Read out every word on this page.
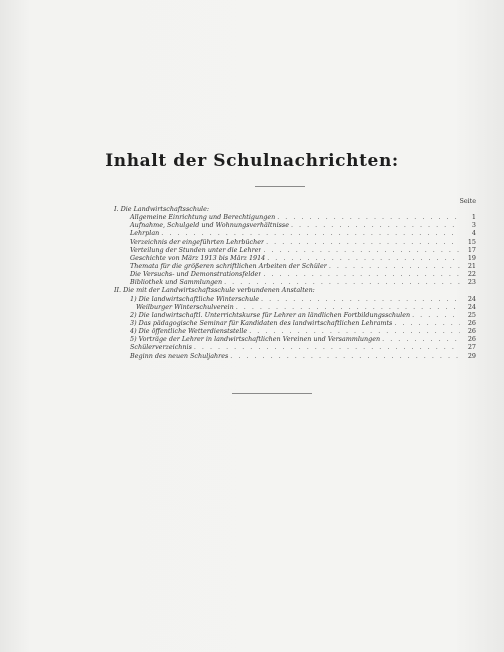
Inhalt der Schulnachrichten:
Seite
I. Die Landwirtschaftsschule:
Allgemeine Einrichtung und Berechtigungen . . .	1
Aufnahme, Schulgeld und Wohnungsverhältnisse . . .	3
Lehrplan . . .	4
Verzeichnis der eingeführten Lehrbücher . . .	15
Verteilung der Stunden unter die Lehrer . . .	17
Geschichte von März 1913 bis März 1914 . . .	19
Themata für die größeren schriftlichen Arbeiten der Schüler . . .	21
Die Versuchs- und Demonstrationsfelder . . .	22
Bibliothek und Sammlungen . . .	23
II. Die mit der Landwirtschaftsschule verbundenen Anstalten:
1) Die landwirtschaftliche Winterschule . . .	24
Weilburger Winterschulverein . . .	24
2) Die landwirtschaftl. Unterrichtskurse für Lehrer an ländlichen Fortbildungsschulen . . .	25
3) Das pädagogische Seminar für Kandidaten des landwirtschaftlichen Lehramts . . .	26
4) Die öffentliche Wetterdienststelle . . .	26
5) Vorträge der Lehrer in landwirtschaftlichen Vereinen und Versammlungen . . .	26
Schülerverzeichnis . . .	27
Beginn des neuen Schuljahres . . .	29
